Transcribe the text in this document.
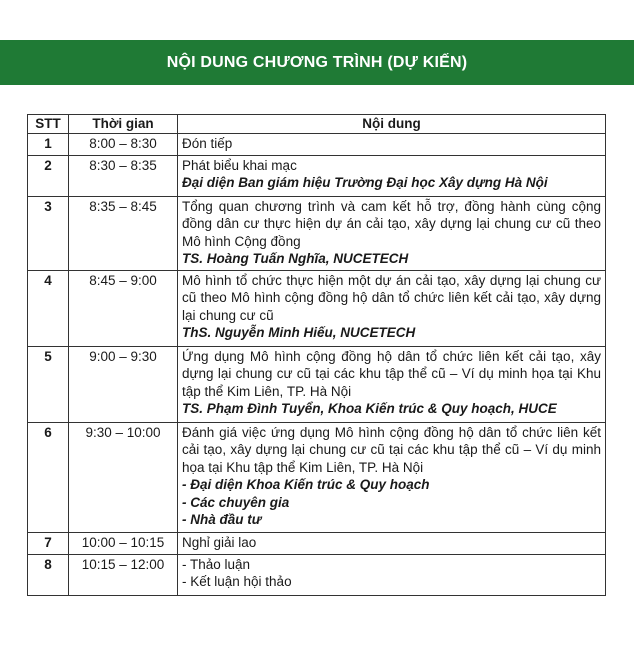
NỘI DUNG CHƯƠNG TRÌNH (DỰ KIẾN)
STT	Thời gian	Nội dung
1	8:00 – 8:30	Đón tiếp

2	8:30 – 8:35	Phát biểu khai mạc
Đại diện Ban giám hiệu Trường Đại học Xây dựng Hà Nội

3	8:35 – 8:45	Tổng quan chương trình và cam kết hỗ trợ, đồng hành cùng cộng đồng dân cư thực hiện dự án cải tạo, xây dựng lại chung cư cũ theo Mô hình Cộng đồng
TS. Hoàng Tuấn Nghĩa, NUCETECH

4	8:45 – 9:00	Mô hình tổ chức thực hiện một dự án cải tạo, xây dựng lại chung cư cũ theo Mô hình cộng đồng hộ dân tổ chức liên kết cải tạo, xây dựng lại chung cư cũ
ThS. Nguyễn Minh Hiếu, NUCETECH

5	9:00 – 9:30	Ứng dụng Mô hình cộng đồng hộ dân tổ chức liên kết cải tạo, xây dựng lại chung cư cũ tại các khu tập thể cũ – Ví dụ minh họa tại Khu tập thể Kim Liên, TP. Hà Nội
TS. Phạm Đình Tuyển, Khoa Kiến trúc & Quy hoạch, HUCE

6	9:30 – 10:00	Đánh giá việc ứng dụng Mô hình cộng đồng hộ dân tổ chức liên kết cải tạo, xây dựng lại chung cư cũ tại các khu tập thể cũ – Ví dụ minh họa tại Khu tập thể Kim Liên, TP. Hà Nội
- Đại diện Khoa Kiến trúc & Quy hoạch
- Các chuyên gia
- Nhà đầu tư

7	10:00 – 10:15	Nghỉ giải lao

8	10:15 – 12:00	- Thảo luận
- Kết luận hội thảo
